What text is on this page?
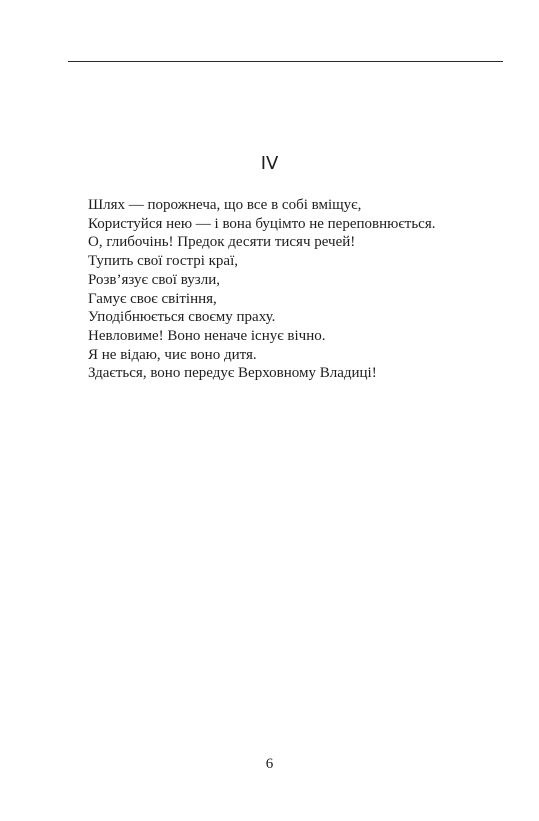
IV
Шлях — порожнеча, що все в собі вміщує,
Користуйся нею — і вона буцімто не переповнюється.
О, глибочінь! Предок десяти тисяч речей!
Тупить свої гострі краї,
Розв’язує свої вузли,
Гамує своє світіння,
Уподібнюється своєму праху.
Невловиме! Воно неначе існує вічно.
Я не відаю, чиє воно дитя.
Здається, воно передує Верховному Владиці!
6
